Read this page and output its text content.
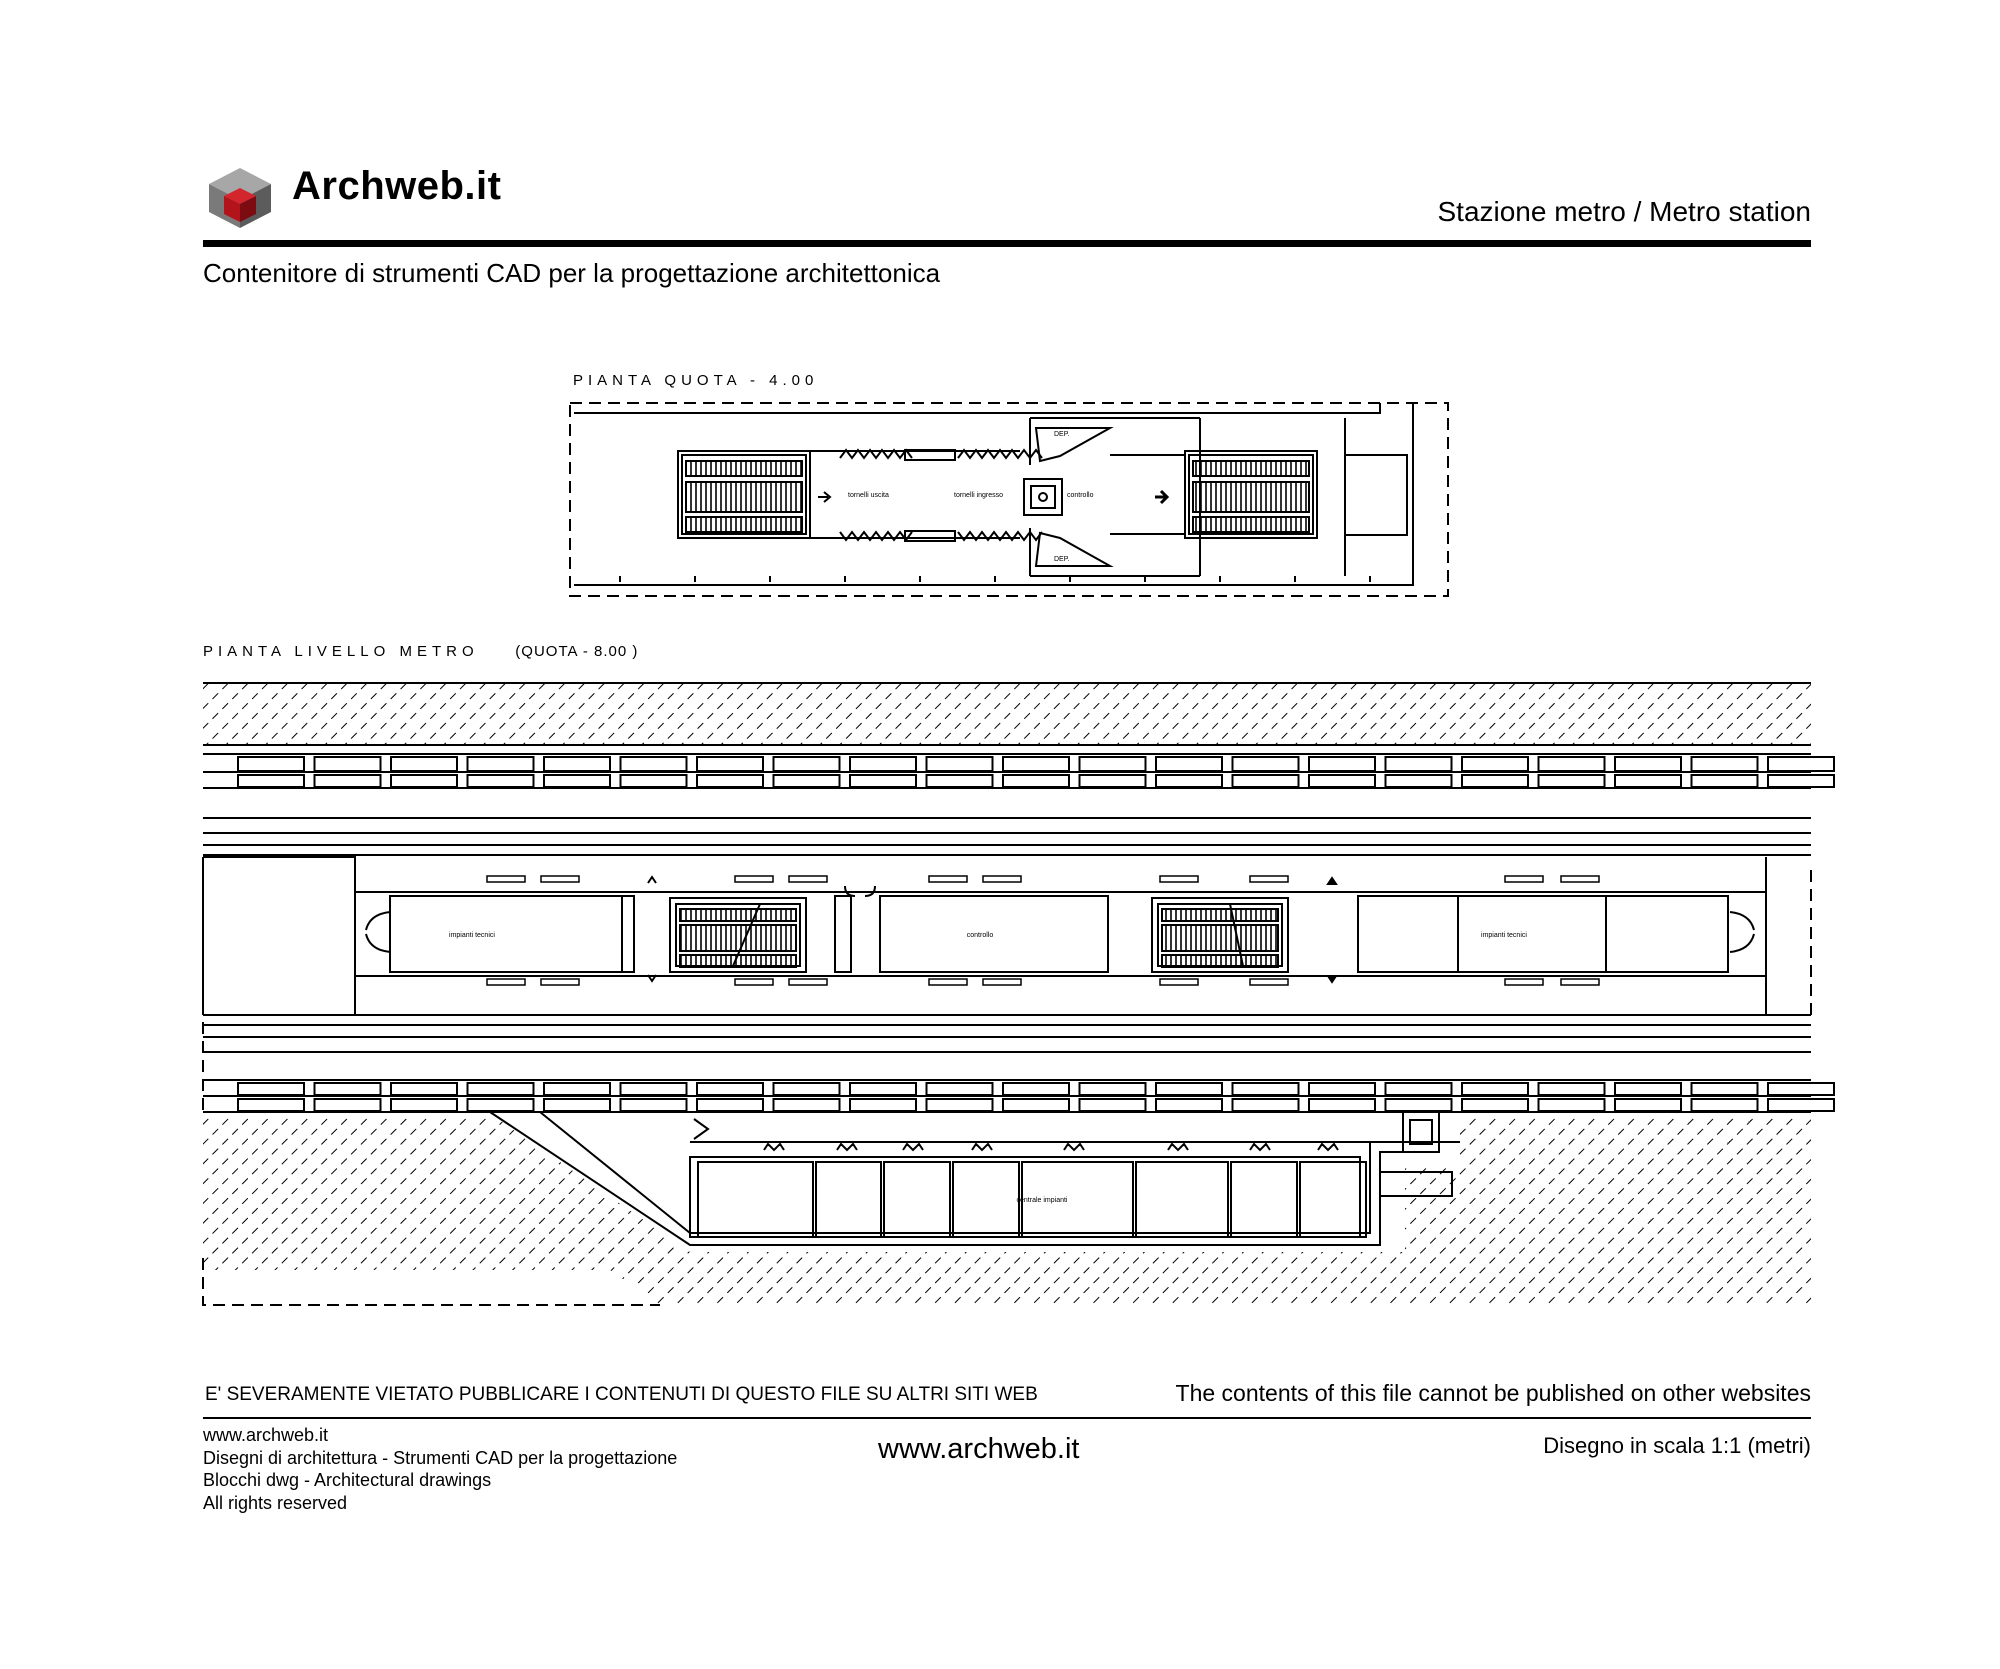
Archweb.it
Stazione metro / Metro station
Contenitore di strumenti CAD per la progettazione architettonica
PIANTA QUOTA - 4.00
PIANTA LIVELLO METRO (QUOTA - 8.00 )
DEP.
DEP.
tornelli uscita	tornelli ingresso	controllo
impianti tecnici	controllo	impianti tecnici
centrale impianti
E' SEVERAMENTE VIETATO PUBBLICARE I CONTENUTI DI QUESTO FILE SU ALTRI SITI WEB	The contents of this file cannot be published on other websites
www.archweb.it
Disegni di architettura - Strumenti CAD per la progettazione
Blocchi dwg - Architectural drawings
All rights reserved
www.archweb.it	Disegno in scala 1:1 (metri)
